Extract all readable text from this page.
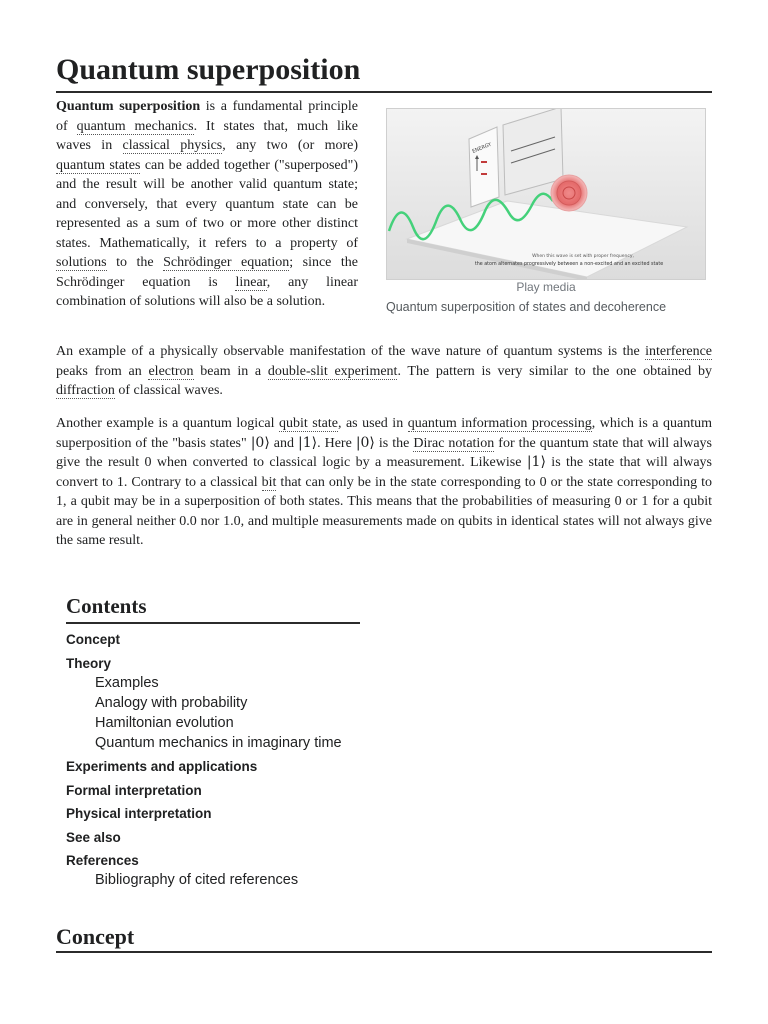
Quantum superposition

Quantum superposition is a fundamental principle of quantum mechanics. It states that, much like waves in classical physics, any two (or more) quantum states can be added together ("superposed") and the result will be another valid quantum state; and conversely, that every quantum state can be represented as a sum of two or more other distinct states. Mathematically, it refers to a property of solutions to the Schrödinger equation; since the Schrödinger equation is linear, any linear combination of solutions will also be a solution.

ENERGY
When this wave is set with proper frequency,
the atom alternates progressively between a non-excited and an excited state
Play media
Quantum superposition of states and decoherence

An example of a physically observable manifestation of the wave nature of quantum systems is the interference peaks from an electron beam in a double-slit experiment. The pattern is very similar to the one obtained by diffraction of classical waves.

Another example is a quantum logical qubit state, as used in quantum information processing, which is a quantum superposition of the "basis states" |0⟩ and |1⟩. Here |0⟩ is the Dirac notation for the quantum state that will always give the result 0 when converted to classical logic by a measurement. Likewise |1⟩ is the state that will always convert to 1. Contrary to a classical bit that can only be in the state corresponding to 0 or the state corresponding to 1, a qubit may be in a superposition of both states. This means that the probabilities of measuring 0 or 1 for a qubit are in general neither 0.0 nor 1.0, and multiple measurements made on qubits in identical states will not always give the same result.

Contents
Concept
Theory
Examples
Analogy with probability
Hamiltonian evolution
Quantum mechanics in imaginary time
Experiments and applications
Formal interpretation
Physical interpretation
See also
References
Bibliography of cited references
Concept
